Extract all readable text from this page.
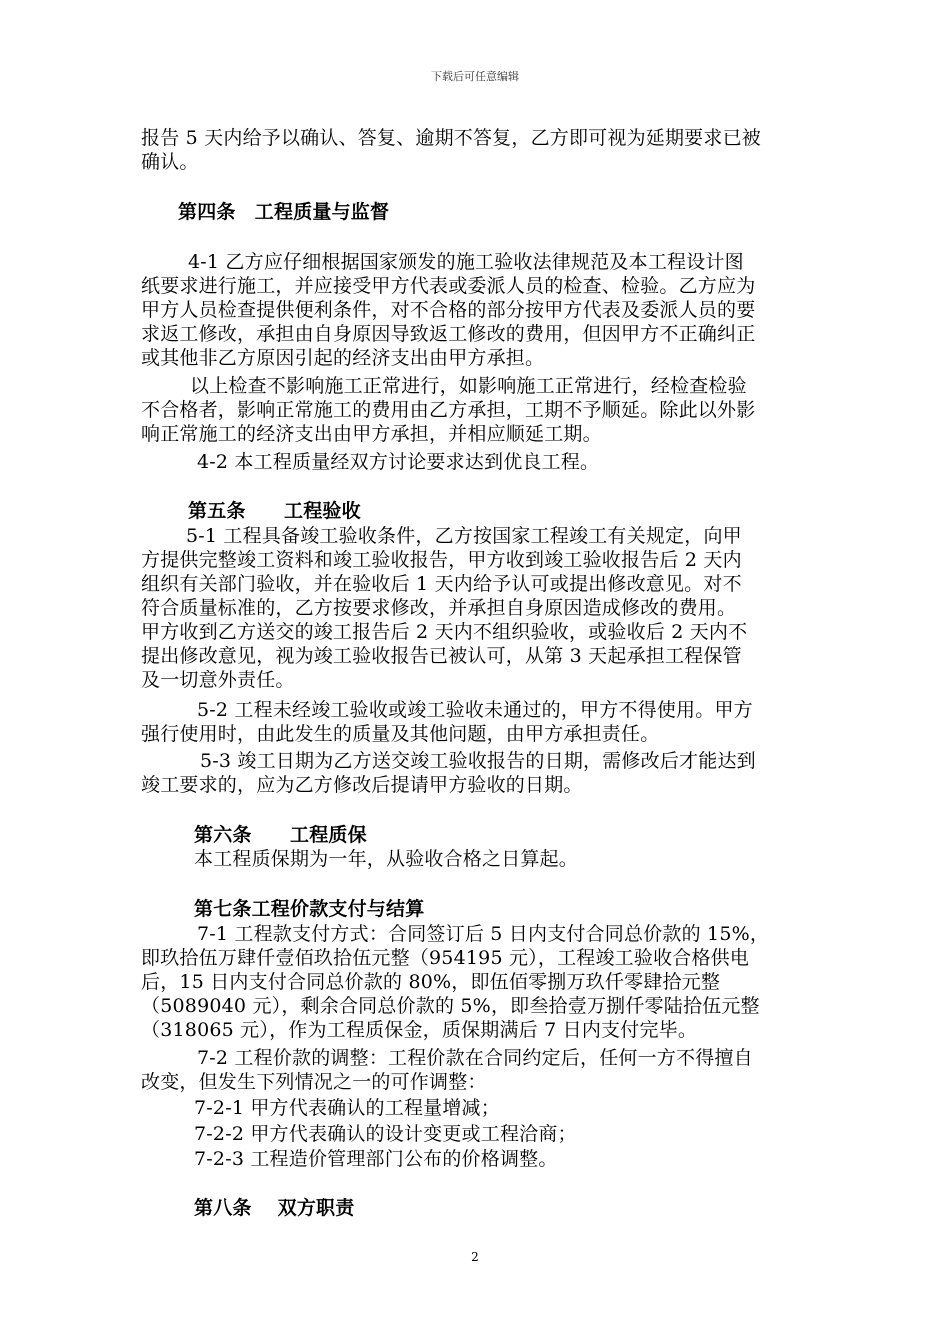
下载后可任意编辑
报告 5 天内给予以确认、答复、逾期不答复，乙方即可视为延期要求已被
确认。
第四条　工程质量与监督
4-1 乙方应仔细根据国家颁发的施工验收法律规范及本工程设计图
纸要求进行施工，并应接受甲方代表或委派人员的检查、检验。乙方应为
甲方人员检查提供便利条件，对不合格的部分按甲方代表及委派人员的要
求返工修改，承担由自身原因导致返工修改的费用，但因甲方不正确纠正
或其他非乙方原因引起的经济支出由甲方承担。
以上检查不影响施工正常进行，如影响施工正常进行，经检查检验
不合格者，影响正常施工的费用由乙方承担，工期不予顺延。除此以外影
响正常施工的经济支出由甲方承担，并相应顺延工期。
4-2 本工程质量经双方讨论要求达到优良工程。
第五条　　工程验收
5-1 工程具备竣工验收条件，乙方按国家工程竣工有关规定，向甲
方提供完整竣工资料和竣工验收报告，甲方收到竣工验收报告后 2 天内
组织有关部门验收，并在验收后 1 天内给予认可或提出修改意见。对不
符合质量标准的，乙方按要求修改，并承担自身原因造成修改的费用。
甲方收到乙方送交的竣工报告后 2 天内不组织验收，或验收后 2 天内不
提出修改意见，视为竣工验收报告已被认可，从第 3 天起承担工程保管
及一切意外责任。
5-2 工程未经竣工验收或竣工验收未通过的，甲方不得使用。甲方
强行使用时，由此发生的质量及其他问题，由甲方承担责任。
5-3 竣工日期为乙方送交竣工验收报告的日期，需修改后才能达到
竣工要求的，应为乙方修改后提请甲方验收的日期。
第六条　　工程质保
本工程质保期为一年，从验收合格之日算起。
第七条工程价款支付与结算
7-1 工程款支付方式：合同签订后 5 日内支付合同总价款的 15%，
即玖拾伍万肆仟壹佰玖拾伍元整（954195 元），工程竣工验收合格供电
后，15 日内支付合同总价款的 80%，即伍佰零捌万玖仟零肆拾元整
（5089040 元），剩余合同总价款的 5%，即叁拾壹万捌仟零陆拾伍元整
（318065 元），作为工程质保金，质保期满后 7 日内支付完毕。
7-2 工程价款的调整：工程价款在合同约定后，任何一方不得擅自
改变，但发生下列情况之一的可作调整：
7-2-1 甲方代表确认的工程量增减；
7-2-2 甲方代表确认的设计变更或工程洽商；
7-2-3 工程造价管理部门公布的价格调整。
第八条　 双方职责
2
